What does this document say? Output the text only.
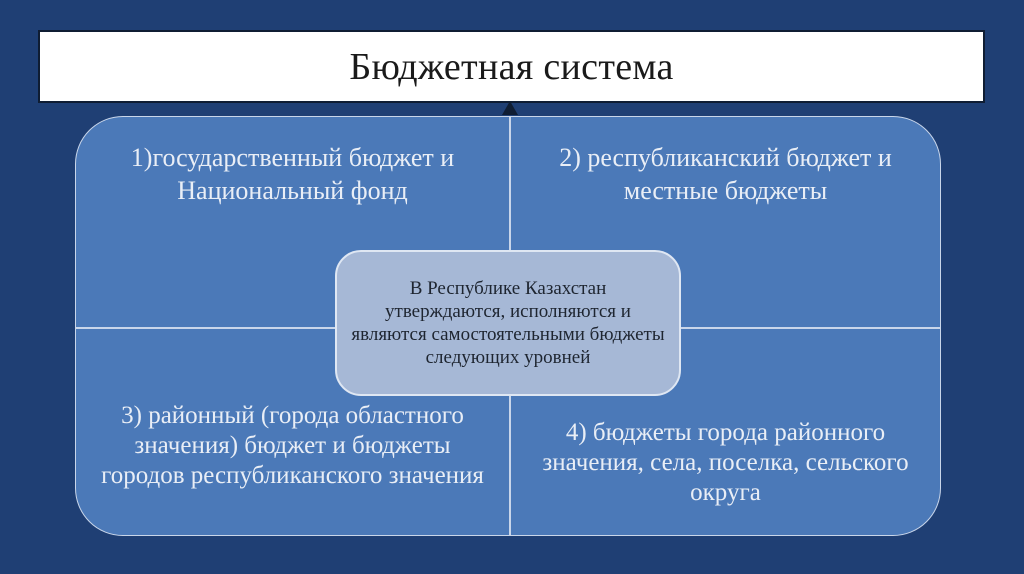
Бюджетная система
1)государственный бюджет и Национальный фонд
2) республиканский бюджет и местные бюджеты
3) районный (города областного значения) бюджет и бюджеты городов республиканского значения
4) бюджеты города районного значения, села, поселка, сельского округа
В Республике Казахстан утверждаются, исполняются и являются самостоятельными бюджеты следующих уровней
